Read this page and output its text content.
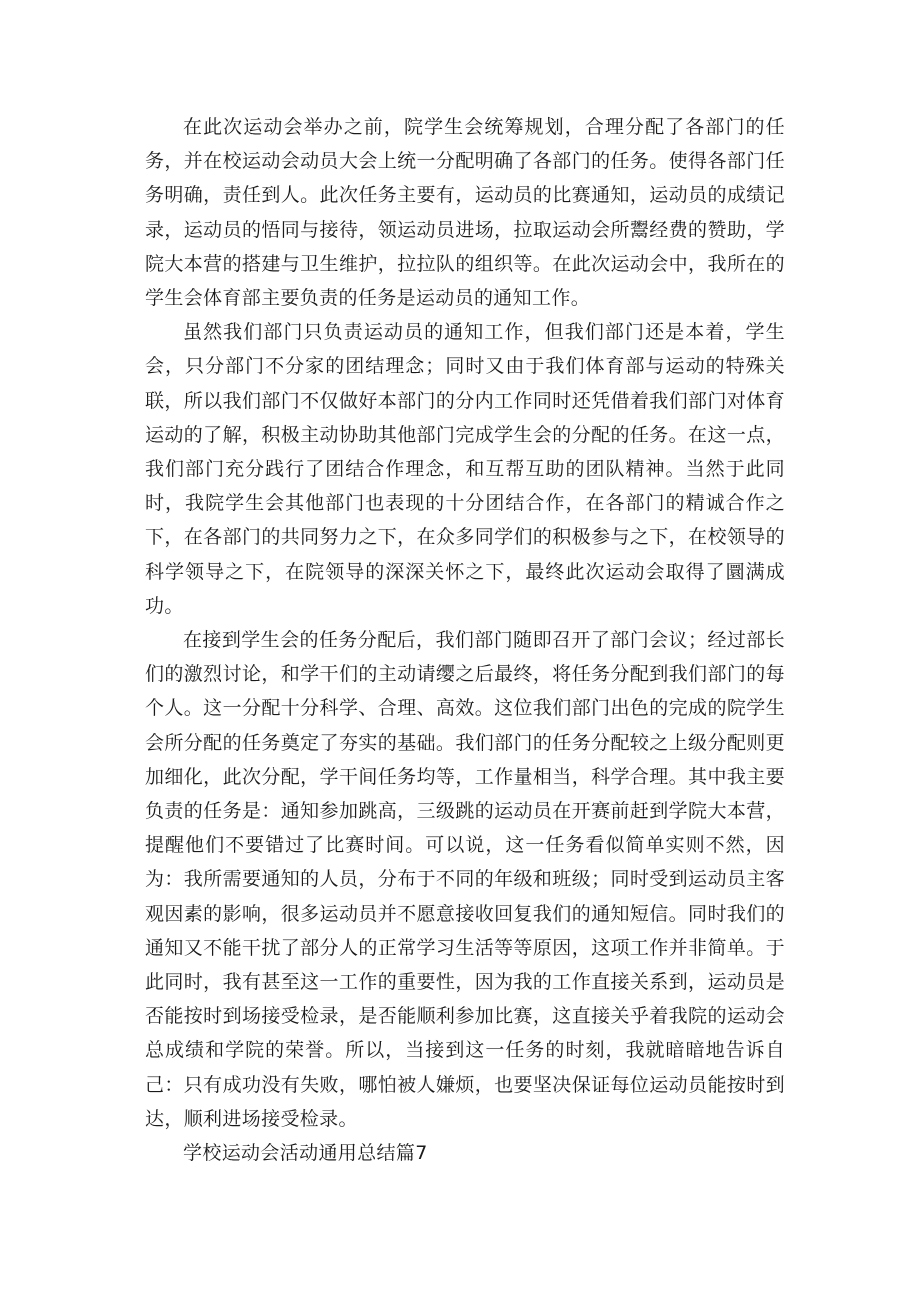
在此次运动会举办之前，院学生会统筹规划，合理分配了各部门的任务，并在校运动会动员大会上统一分配明确了各部门的任务。使得各部门任务明确，责任到人。此次任务主要有，运动员的比赛通知，运动员的成绩记录，运动员的悟同与接待，领运动员进场，拉取运动会所鬻经费的赞助，学院大本营的搭建与卫生维护，拉拉队的组织等。在此次运动会中，我所在的学生会体育部主要负责的任务是运动员的通知工作。

虽然我们部门只负责运动员的通知工作，但我们部门还是本着，学生会，只分部门不分家的团结理念；同时又由于我们体育部与运动的特殊关联，所以我们部门不仅做好本部门的分内工作同时还凭借着我们部门对体育运动的了解，积极主动协助其他部门完成学生会的分配的任务。在这一点，我们部门充分践行了团结合作理念，和互帮互助的团队精神。当然于此同时，我院学生会其他部门也表现的十分团结合作，在各部门的精诚合作之下，在各部门的共同努力之下，在众多同学们的积极参与之下，在校领导的科学领导之下，在院领导的深深关怀之下，最终此次运动会取得了圜满成功。

在接到学生会的任务分配后，我们部门随即召开了部门会议；经过部长们的激烈讨论，和学干们的主动请缨之后最终，将任务分配到我们部门的每个人。这一分配十分科学、合理、高效。这位我们部门出色的完成的院学生会所分配的任务奠定了夯实的基础。我们部门的任务分配较之上级分配则更加细化，此次分配，学干间任务均等，工作量相当，科学合理。其中我主要负责的任务是：通知参加跳高，三级跳的运动员在开赛前赶到学院大本营，提醒他们不要错过了比赛时间。可以说，这一任务看似简单实则不然，因为：我所需要通知的人员，分布于不同的年级和班级；同时受到运动员主客观因素的影响，很多运动员并不愿意接收回复我们的通知短信。同时我们的通知又不能干扰了部分人的正常学习生活等等原因，这项工作并非简单。于此同时，我有甚至这一工作的重要性，因为我的工作直接关系到，运动员是否能按时到场接受检录，是否能顺利参加比赛，这直接关乎着我院的运动会总成绩和学院的荣誉。所以，当接到这一任务的时刻，我就暗暗地告诉自己：只有成功没有失败，哪怕被人嫌烦，也要坚决保证每位运动员能按时到达，顺利进场接受检录。

学校运动会活动通用总结篇7
